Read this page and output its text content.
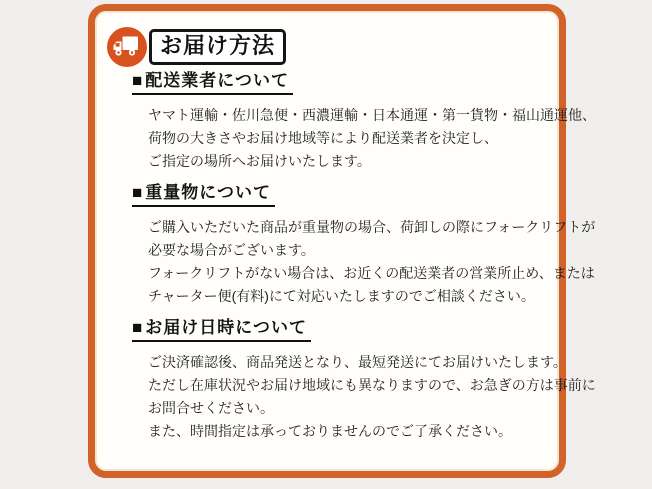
お届け方法
■ 配送業者について
ヤマト運輸・佐川急便・西濃運輸・日本通運・第一貨物・福山通運他、
荷物の大きさやお届け地域等により配送業者を決定し、
ご指定の場所へお届けいたします。
■ 重量物について
ご購入いただいた商品が重量物の場合、荷卸しの際にフォークリフトが
必要な場合がございます。
フォークリフトがない場合は、お近くの配送業者の営業所止め、または
チャーター便(有料)にて対応いたしますのでご相談ください。
■ お届け日時について
ご決済確認後、商品発送となり、最短発送にてお届けいたします。
ただし在庫状況やお届け地域にも異なりますので、お急ぎの方は事前に
お問合せください。
また、時間指定は承っておりませんのでご了承ください。
